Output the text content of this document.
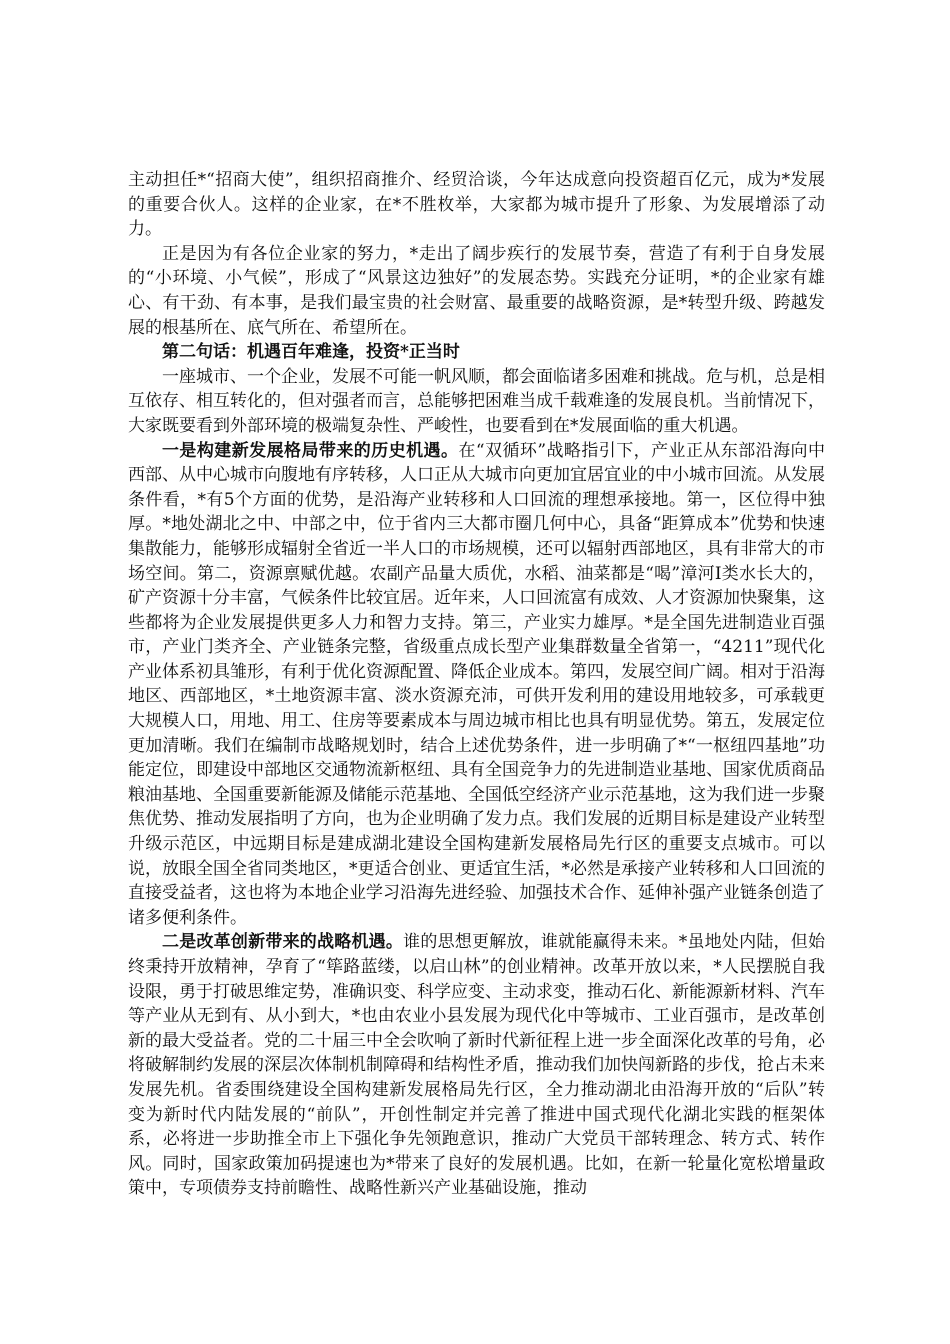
主动担任*“招商大使”，组织招商推介、经贸洽谈，今年达成意向投资超百亿元，成为*发展的重要合伙人。这样的企业家，在*不胜枚举，大家都为城市提升了形象、为发展增添了动力。

正是因为有各位企业家的努力，*走出了阔步疾行的发展节奏，营造了有利于自身发展的“小环境、小气候”，形成了“风景这边独好”的发展态势。实践充分证明，*的企业家有雄心、有干劲、有本事，是我们最宝贵的社会财富、最重要的战略资源，是*转型升级、跨越发展的根基所在、底气所在、希望所在。

第二句话：机遇百年难逢，投资*正当时

一座城市、一个企业，发展不可能一帆风顺，都会面临诸多困难和挑战。危与机，总是相互依存、相互转化的，但对强者而言，总能够把困难当成千载难逢的发展良机。当前情况下，大家既要看到外部环境的极端复杂性、严峻性，也要看到在*发展面临的重大机遇。

一是构建新发展格局带来的历史机遇。在“双循环”战略指引下，产业正从东部沿海向中西部、从中心城市向腹地有序转移，人口正从大城市向更加宜居宜业的中小城市回流。从发展条件看，*有5个方面的优势，是沿海产业转移和人口回流的理想承接地。第一，区位得中独厚。*地处湖北之中、中部之中，位于省内三大都市圈几何中心，具备“距算成本”优势和快速集散能力，能够形成辐射全省近一半人口的市场规模，还可以辐射西部地区，具有非常大的市场空间。第二，资源禀赋优越。农副产品量大质优，水稻、油菜都是“喝”漳河Ⅰ类水长大的，矿产资源十分丰富，气候条件比较宜居。近年来，人口回流富有成效、人才资源加快聚集，这些都将为企业发展提供更多人力和智力支持。第三，产业实力雄厚。*是全国先进制造业百强市，产业门类齐全、产业链条完整，省级重点成长型产业集群数量全省第一，“4211”现代化产业体系初具雏形，有利于优化资源配置、降低企业成本。第四，发展空间广阔。相对于沿海地区、西部地区，*土地资源丰富、淡水资源充沛，可供开发利用的建设用地较多，可承载更大规模人口，用地、用工、住房等要素成本与周边城市相比也具有明显优势。第五，发展定位更加清晰。我们在编制市战略规划时，结合上述优势条件，进一步明确了*“一枢纽四基地”功能定位，即建设中部地区交通物流新枢纽、具有全国竞争力的先进制造业基地、国家优质商品粮油基地、全国重要新能源及储能示范基地、全国低空经济产业示范基地，这为我们进一步聚焦优势、推动发展指明了方向，也为企业明确了发力点。我们发展的近期目标是建设产业转型升级示范区，中远期目标是建成湖北建设全国构建新发展格局先行区的重要支点城市。可以说，放眼全国全省同类地区，*更适合创业、更适宜生活，*必然是承接产业转移和人口回流的直接受益者，这也将为本地企业学习沿海先进经验、加强技术合作、延伸补强产业链条创造了诸多便利条件。

二是改革创新带来的战略机遇。谁的思想更解放，谁就能赢得未来。*虽地处内陆，但始终秉持开放精神，孕育了“筚路蓝缕，以启山林”的创业精神。改革开放以来，*人民摆脱自我设限，勇于打破思维定势，准确识变、科学应变、主动求变，推动石化、新能源新材料、汽车等产业从无到有、从小到大，*也由农业小县发展为现代化中等城市、工业百强市，是改革创新的最大受益者。党的二十届三中全会吹响了新时代新征程上进一步全面深化改革的号角，必将破解制约发展的深层次体制机制障碍和结构性矛盾，推动我们加快闯新路的步伐，抢占未来发展先机。省委围绕建设全国构建新发展格局先行区，全力推动湖北由沿海开放的“后队”转变为新时代内陆发展的“前队”，开创性制定并完善了推进中国式现代化湖北实践的框架体系，必将进一步助推全市上下强化争先领跑意识，推动广大党员干部转理念、转方式、转作风。同时，国家政策加码提速也为*带来了良好的发展机遇。比如，在新一轮量化宽松增量政策中，专项债券支持前瞻性、战略性新兴产业基础设施，推动
